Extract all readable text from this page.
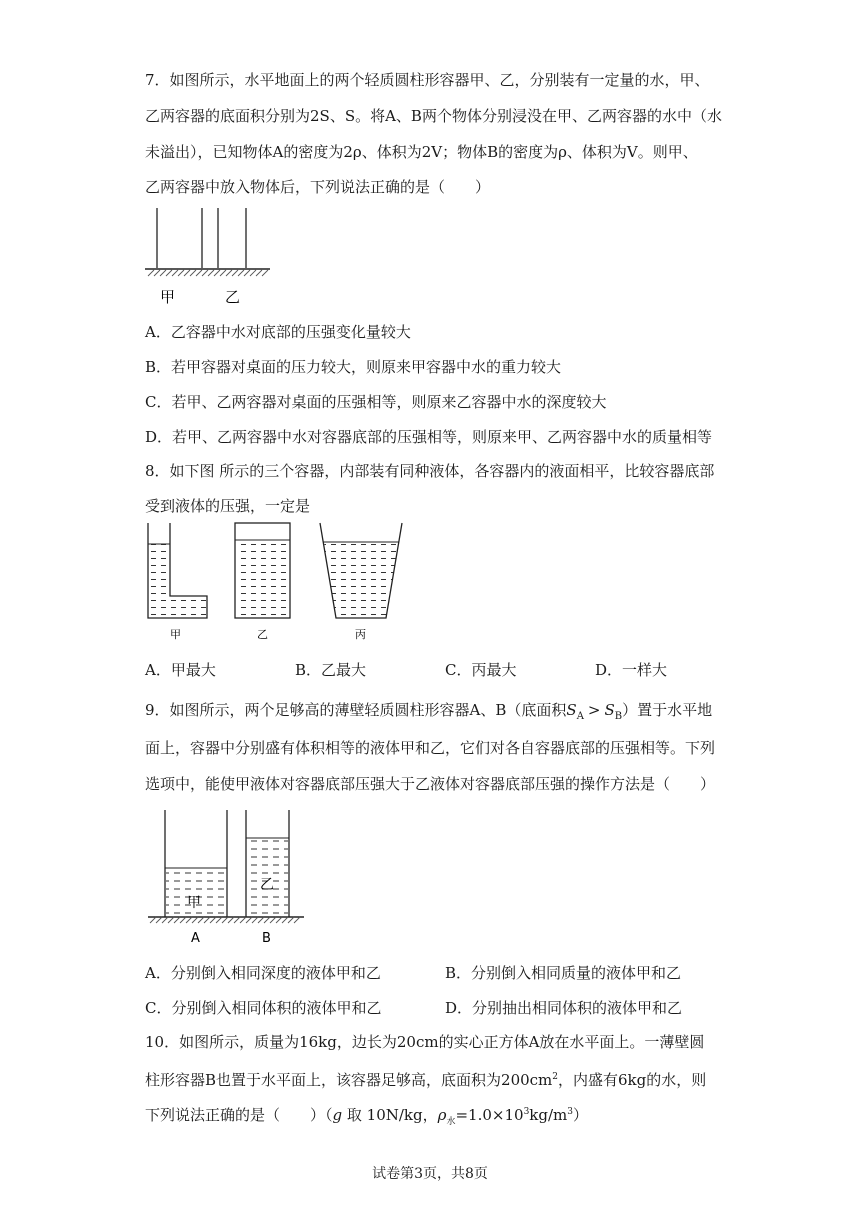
7．如图所示，水平地面上的两个轻质圆柱形容器甲、乙，分别装有一定量的水，甲、
乙两容器的底面积分别为2S、S。将A、B两个物体分别浸没在甲、乙两容器的水中（水
未溢出），已知物体A的密度为2ρ、体积为2V；物体B的密度为ρ、体积为V。则甲、
乙两容器中放入物体后，下列说法正确的是（　　）
甲	乙
A．乙容器中水对底部的压强变化量较大
B．若甲容器对桌面的压力较大，则原来甲容器中水的重力较大
C．若甲、乙两容器对桌面的压强相等，则原来乙容器中水的深度较大
D．若甲、乙两容器中水对容器底部的压强相等，则原来甲、乙两容器中水的质量相等
8．如下图 所示的三个容器，内部装有同种液体，各容器内的液面相平，比较容器底部
受到液体的压强，一定是
甲	乙	丙
A．甲最大	B．乙最大	C．丙最大	D．一样大
9．如图所示，两个足够高的薄壁轻质圆柱形容器A、B（底面积$S_A > S_B$）置于水平地
面上，容器中分别盛有体积相等的液体甲和乙，它们对各自容器底部的压强相等。下列
选项中，能使甲液体对容器底部压强大于乙液体对容器底部压强的操作方法是（　　）
甲
乙
A	B
A．分别倒入相同深度的液体甲和乙	B．分别倒入相同质量的液体甲和乙
C．分别倒入相同体积的液体甲和乙	D．分别抽出相同体积的液体甲和乙
10．如图所示，质量为16kg，边长为20cm的实心正方体A放在水平面上。一薄壁圆
柱形容器B也置于水平面上，该容器足够高，底面积为$200cm^2$，内盛有6kg的水，则
下列说法正确的是（　　）（g 取 10N/kg，$\rho_水=1.0\times 10^3kg/m^3$）
试卷第3页，共8页
